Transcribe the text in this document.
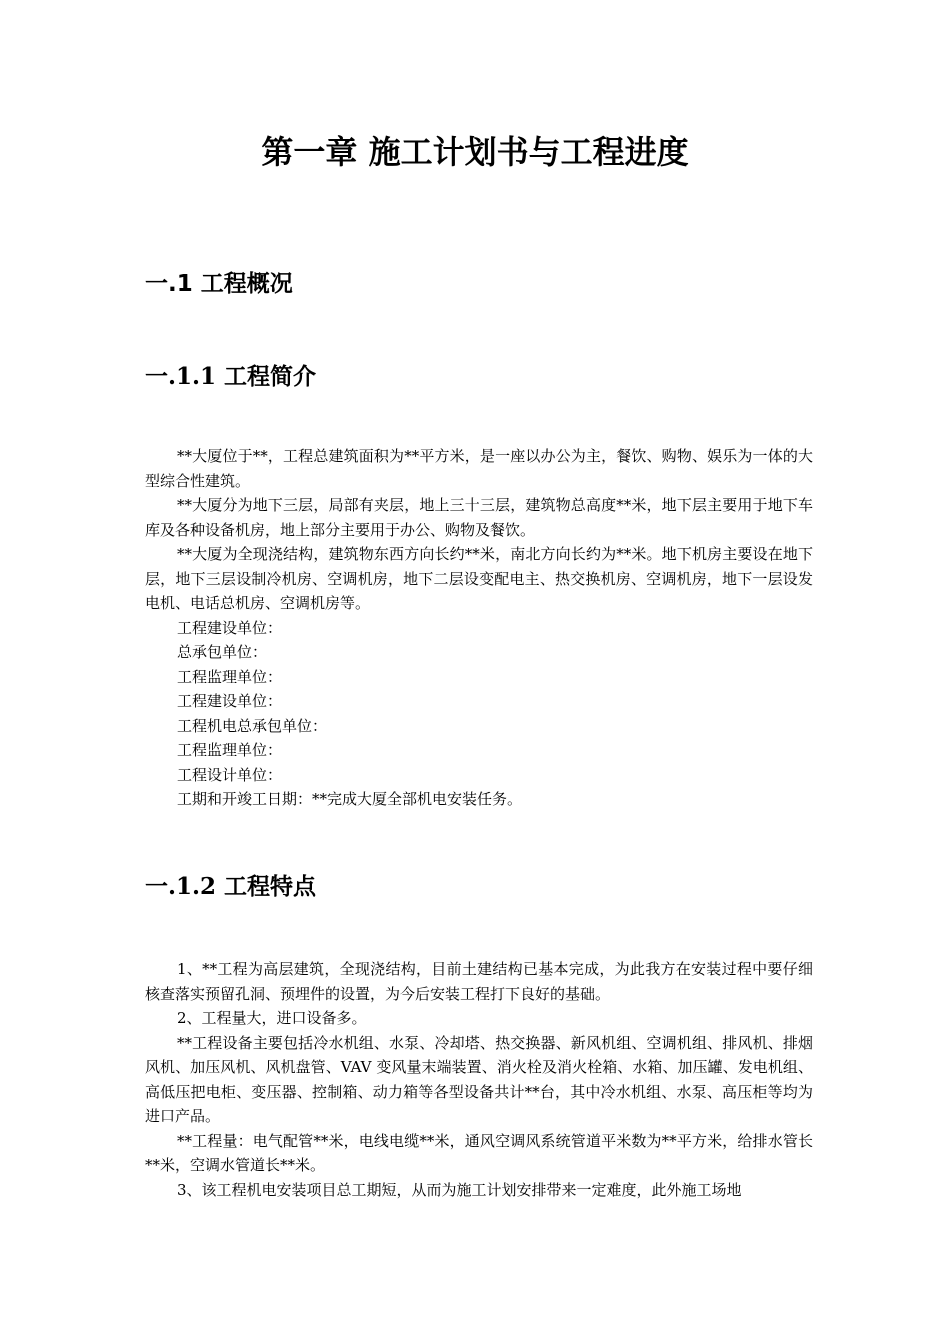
第一章 施工计划书与工程进度
一.1 工程概况
一.1.1 工程简介

**大厦位于**，工程总建筑面积为**平方米，是一座以办公为主，餐饮、购物、娱乐为一体的大型综合性建筑。

**大厦分为地下三层，局部有夹层，地上三十三层，建筑物总高度**米，地下层主要用于地下车库及各种设备机房，地上部分主要用于办公、购物及餐饮。

**大厦为全现浇结构，建筑物东西方向长约**米，南北方向长约为**米。地下机房主要设在地下层，地下三层设制冷机房、空调机房，地下二层设变配电主、热交换机房、空调机房，地下一层设发电机、电话总机房、空调机房等。

工程建设单位：

总承包单位：

工程监理单位：

工程建设单位：

工程机电总承包单位：

工程监理单位：

工程设计单位：

工期和开竣工日期：**完成大厦全部机电安装任务。

一.1.2 工程特点

1、**工程为高层建筑，全现浇结构，目前土建结构已基本完成，为此我方在安装过程中要仔细核查落实预留孔洞、预埋件的设置，为今后安装工程打下良好的基础。

2、工程量大，进口设备多。

**工程设备主要包括冷水机组、水泵、冷却塔、热交换器、新风机组、空调机组、排风机、排烟风机、加压风机、风机盘管、VAV 变风量末端装置、消火栓及消火栓箱、水箱、加压罐、发电机组、高低压把电柜、变压器、控制箱、动力箱等各型设备共计**台，其中冷水机组、水泵、高压柜等均为进口产品。

**工程量：电气配管**米，电线电缆**米，通风空调风系统管道平米数为**平方米，给排水管长**米，空调水管道长**米。

3、该工程机电安装项目总工期短，从而为施工计划安排带来一定难度，此外施工场地
